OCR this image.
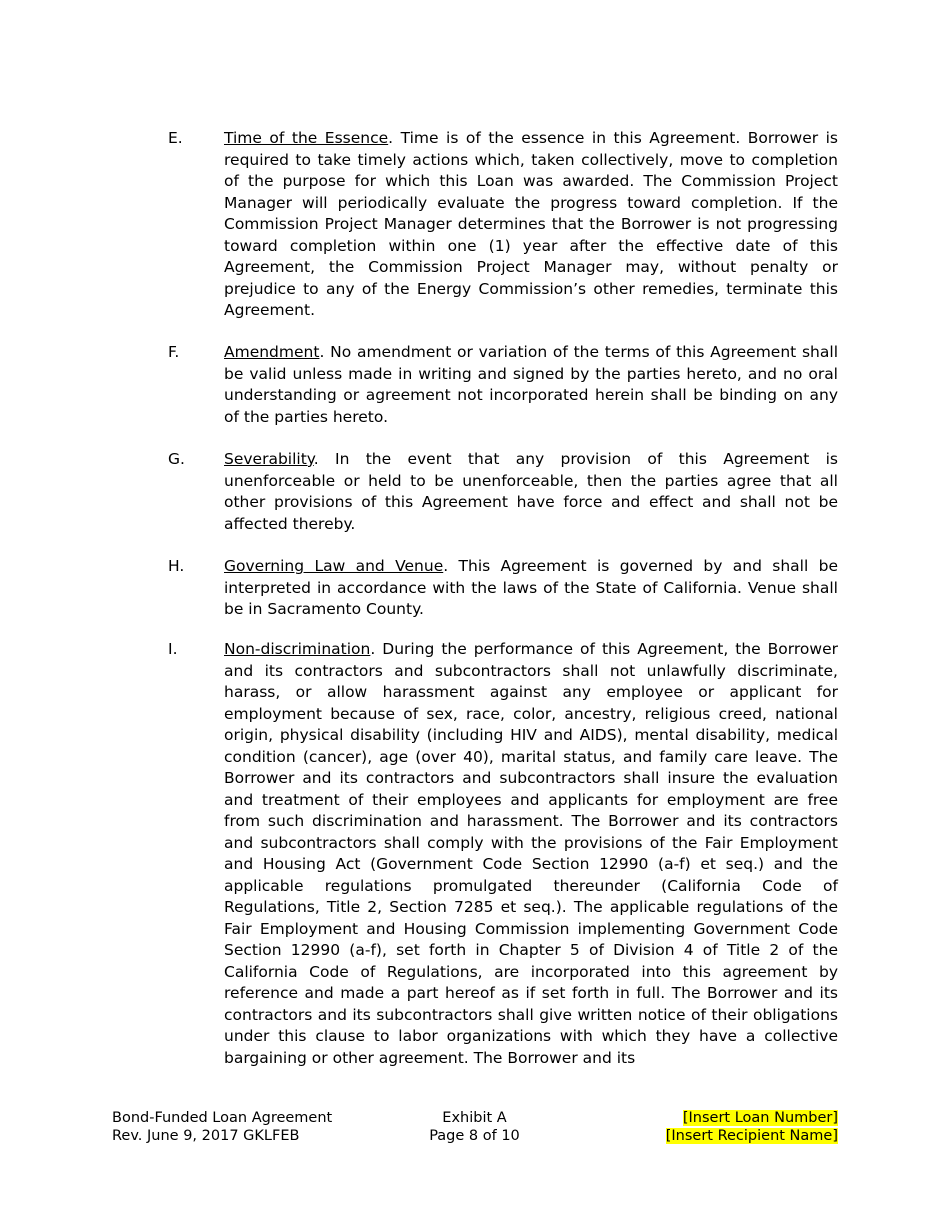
E.	Time of the Essence. Time is of the essence in this Agreement. Borrower is required to take timely actions which, taken collectively, move to completion of the purpose for which this Loan was awarded. The Commission Project Manager will periodically evaluate the progress toward completion. If the Commission Project Manager determines that the Borrower is not progressing toward completion within one (1) year after the effective date of this Agreement, the Commission Project Manager may, without penalty or prejudice to any of the Energy Commission’s other remedies, terminate this Agreement.
F.	Amendment. No amendment or variation of the terms of this Agreement shall be valid unless made in writing and signed by the parties hereto, and no oral understanding or agreement not incorporated herein shall be binding on any of the parties hereto.
G.	Severability. In the event that any provision of this Agreement is unenforceable or held to be unenforceable, then the parties agree that all other provisions of this Agreement have force and effect and shall not be affected thereby.
H.	Governing Law and Venue. This Agreement is governed by and shall be interpreted in accordance with the laws of the State of California. Venue shall be in Sacramento County.
I.	Non-discrimination. During the performance of this Agreement, the Borrower and its contractors and subcontractors shall not unlawfully discriminate, harass, or allow harassment against any employee or applicant for employment because of sex, race, color, ancestry, religious creed, national origin, physical disability (including HIV and AIDS), mental disability, medical condition (cancer), age (over 40), marital status, and family care leave. The Borrower and its contractors and subcontractors shall insure the evaluation and treatment of their employees and applicants for employment are free from such discrimination and harassment. The Borrower and its contractors and subcontractors shall comply with the provisions of the Fair Employment and Housing Act (Government Code Section 12990 (a-f) et seq.) and the applicable regulations promulgated thereunder (California Code of Regulations, Title 2, Section 7285 et seq.). The applicable regulations of the Fair Employment and Housing Commission implementing Government Code Section 12990 (a-f), set forth in Chapter 5 of Division 4 of Title 2 of the California Code of Regulations, are incorporated into this agreement by reference and made a part hereof as if set forth in full. The Borrower and its contractors and its subcontractors shall give written notice of their obligations under this clause to labor organizations with which they have a collective bargaining or other agreement. The Borrower and its
Bond-Funded Loan Agreement
Rev. June 9, 2017 GKLFEB
Exhibit A
Page 8 of 10
[Insert Loan Number]
[Insert Recipient Name]
